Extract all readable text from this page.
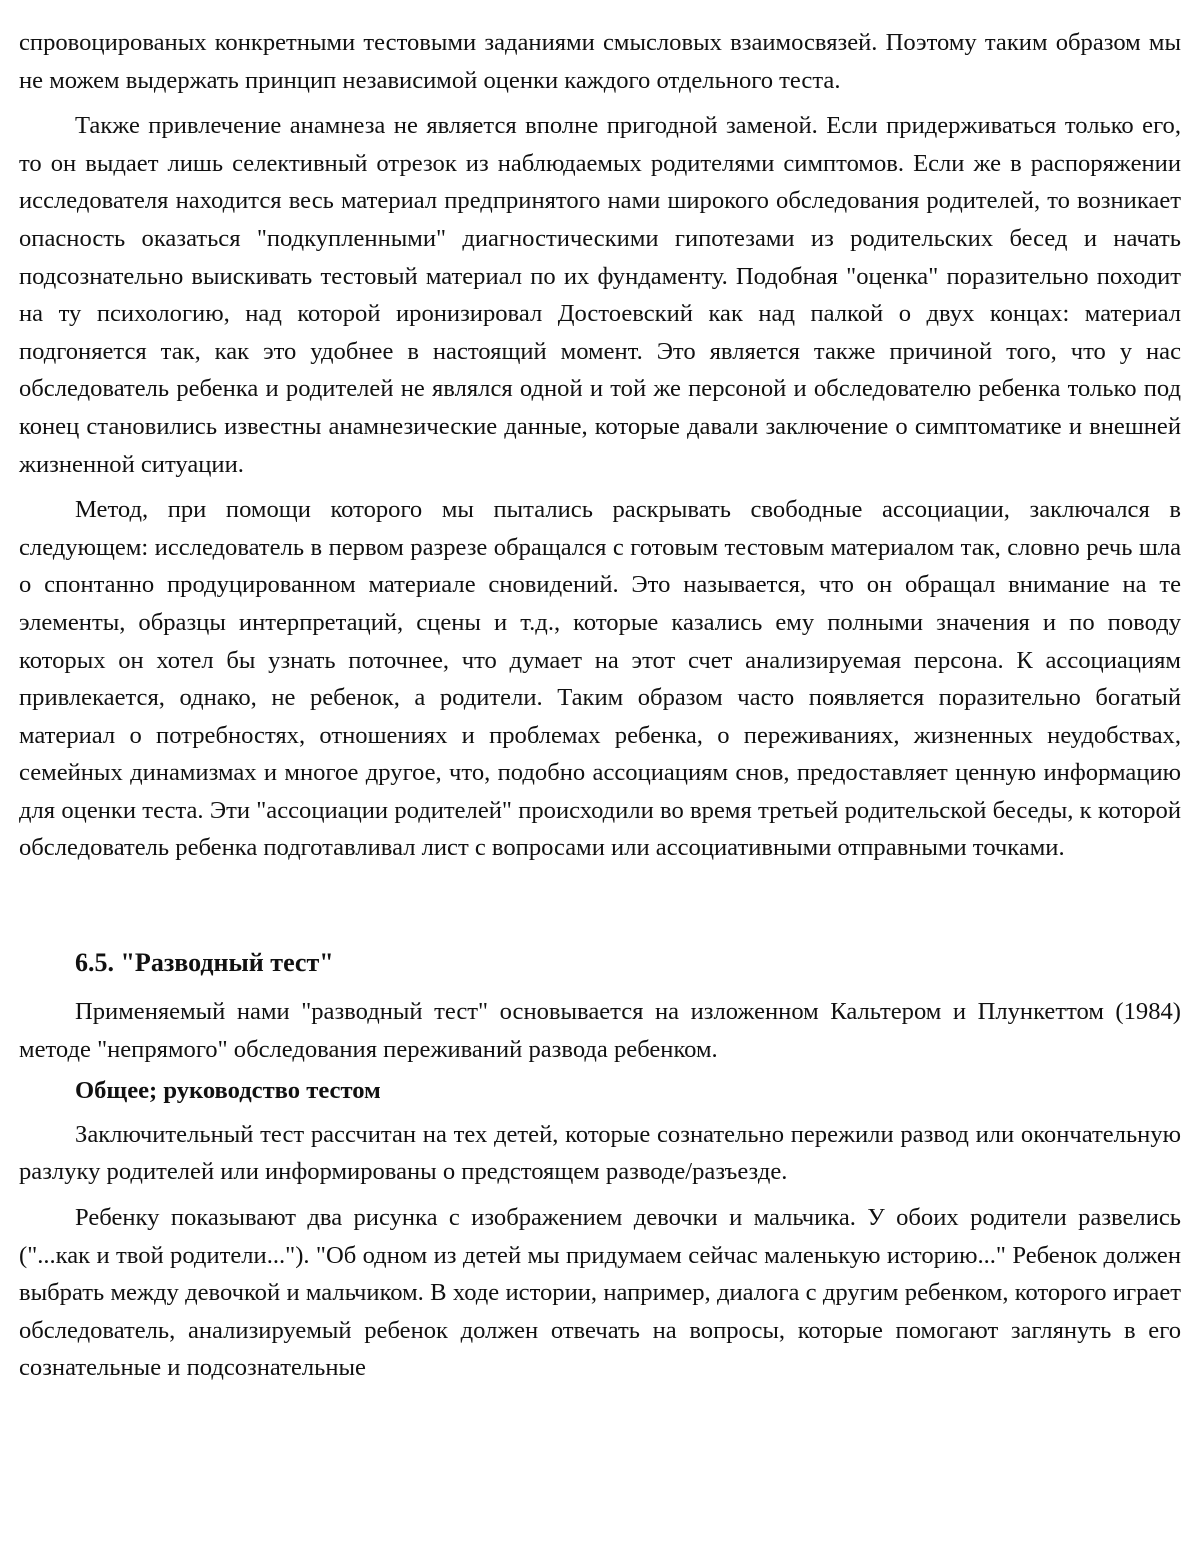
спровоцированых конкретными тестовыми заданиями смысловых взаимосвязей. Поэтому таким образом мы не можем выдержать принцип независимой оценки каждого отдельного теста.

Также привлечение анамнеза не является вполне пригодной заменой. Если придерживаться только его, то он выдает лишь селективный отрезок из наблюдаемых родителями симптомов. Если же в распоряжении исследователя находится весь материал предпринятого нами широкого обследования родителей, то возникает опасность оказаться "подкупленными" диагностическими гипотезами из родительских бесед и начать подсознательно выискивать тестовый материал по их фундаменту. Подобная "оценка" поразительно походит на ту психологию, над которой иронизировал Достоевский как над палкой о двух концах: материал подгоняется так, как это удобнее в настоящий момент. Это является также причиной того, что у нас обследователь ребенка и родителей не являлся одной и той же персоной и обследователю ребенка только под конец становились известны анамнезические данные, которые давали заключение о симптоматике и внешней жизненной ситуации.

Метод, при помощи которого мы пытались раскрывать свободные ассоциации, заключался в следующем: исследователь в первом разрезе обращался с готовым тестовым материалом так, словно речь шла о спонтанно продуцированном материале сновидений. Это называется, что он обращал внимание на те элементы, образцы интерпретаций, сцены и т.д., которые казались ему полными значения и по поводу которых он хотел бы узнать поточнее, что думает на этот счет анализируемая персона. К ассоциациям привлекается, однако, не ребенок, а родители. Таким образом часто появляется поразительно богатый материал о потребностях, отношениях и проблемах ребенка, о переживаниях, жизненных неудобствах, семейных динамизмах и многое другое, что, подобно ассоциациям снов, предоставляет ценную информацию для оценки теста. Эти "ассоциации родителей" происходили во время третьей родительской беседы, к которой обследователь ребенка подготавливал лист с вопросами или ассоциативными отправными точками.

6.5. "Разводный тест"

Применяемый нами "разводный тест" основывается на изложенном Кальтером и Плункеттом (1984) методе "непрямого" обследования переживаний развода ребенком.

Общее; руководство тестом

Заключительный тест рассчитан на тех детей, которые сознательно пережили развод или окончательную разлуку родителей или информированы о предстоящем разводе/разъезде.

Ребенку показывают два рисунка с изображением девочки и мальчика. У обоих родители развелись ("...как и твой родители..."). "Об одном из детей мы придумаем сейчас маленькую историю..." Ребенок должен выбрать между девочкой и мальчиком. В ходе истории, например, диалога с другим ребенком, которого играет обследователь, анализируемый ребенок должен отвечать на вопросы, которые помогают заглянуть в его сознательные и подсознательные
